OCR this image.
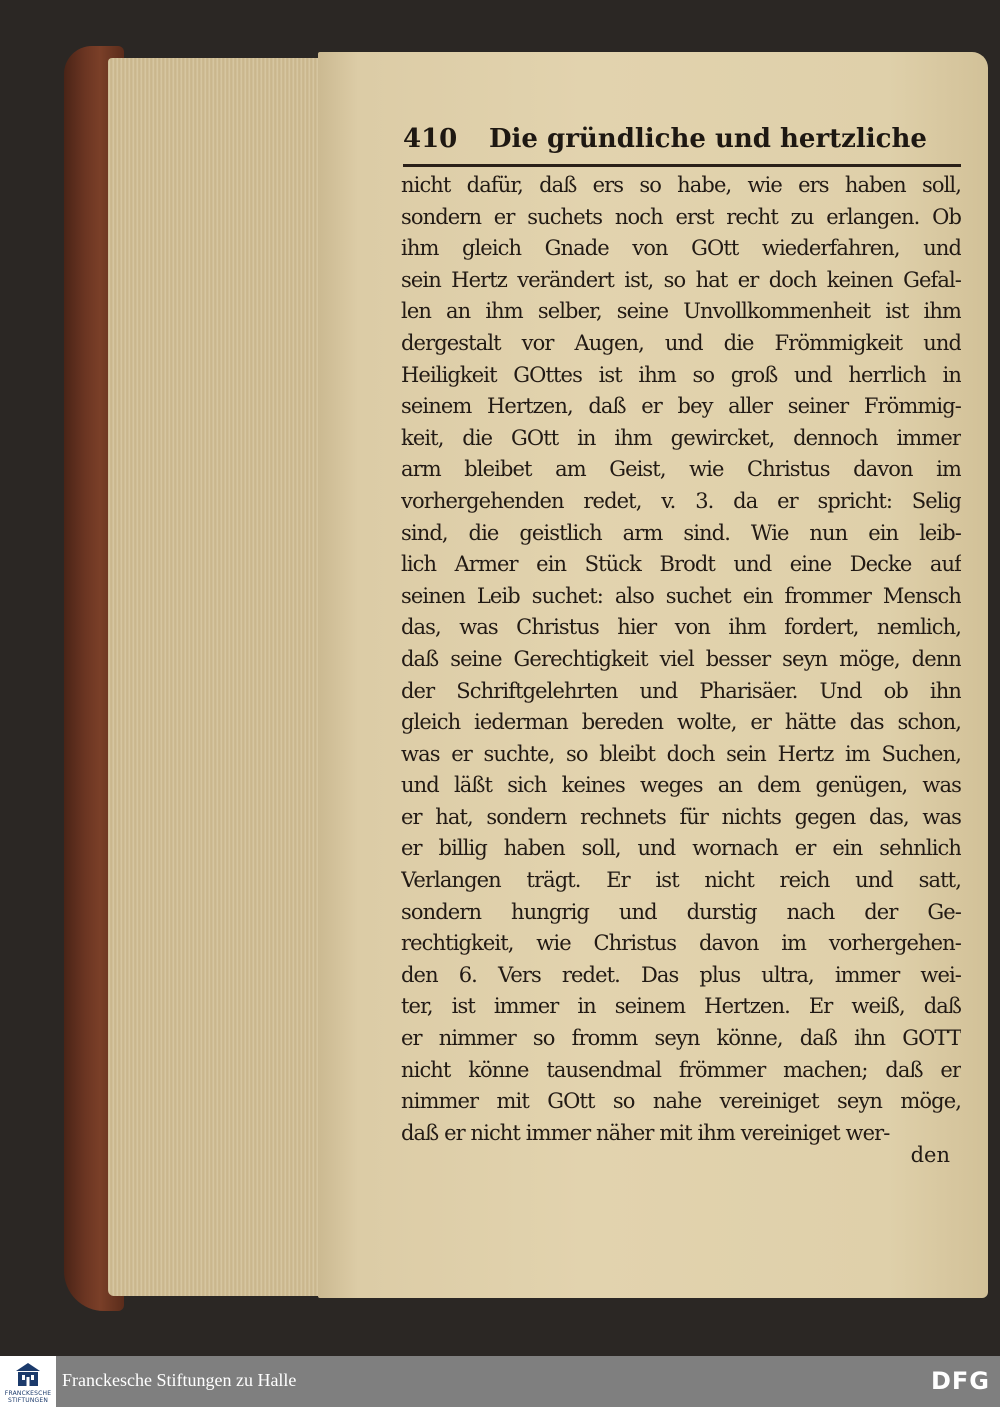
410 Die gründliche und hertzliche
nicht dafür, daß ers so habe, wie ers haben soll,
sondern er suchets noch erst recht zu erlangen. Ob
ihm gleich Gnade von GOtt wiederfahren, und
sein Hertz verändert ist, so hat er doch keinen Gefal-
len an ihm selber, seine Unvollkommenheit ist ihm
dergestalt vor Augen, und die Frömmigkeit und
Heiligkeit GOttes ist ihm so groß und herrlich in
seinem Hertzen, daß er bey aller seiner Frömmig-
keit, die GOtt in ihm gewircket, dennoch immer
arm bleibet am Geist, wie Christus davon im
vorhergehenden redet, v. 3. da er spricht: Selig
sind, die geistlich arm sind. Wie nun ein leib-
lich Armer ein Stück Brodt und eine Decke auf
seinen Leib suchet: also suchet ein frommer Mensch
das, was Christus hier von ihm fordert, nemlich,
daß seine Gerechtigkeit viel besser seyn möge, denn
der Schriftgelehrten und Pharisäer. Und ob ihn
gleich iederman bereden wolte, er hätte das schon,
was er suchte, so bleibt doch sein Hertz im Suchen,
und läßt sich keines weges an dem genügen, was
er hat, sondern rechnets für nichts gegen das, was
er billig haben soll, und wornach er ein sehnlich
Verlangen trägt. Er ist nicht reich und satt,
sondern hungrig und durstig nach der Ge-
rechtigkeit, wie Christus davon im vorhergehen-
den 6. Vers redet. Das plus ultra, immer wei-
ter, ist immer in seinem Hertzen. Er weiß, daß
er nimmer so fromm seyn könne, daß ihn GOTT
nicht könne tausendmal frömmer machen; daß er
nimmer mit GOtt so nahe vereiniget seyn möge,
daß er nicht immer näher mit ihm vereiniget wer-
den
FRANCKESCHE STIFTUNGEN
Franckesche Stiftungen zu Halle	DFG
